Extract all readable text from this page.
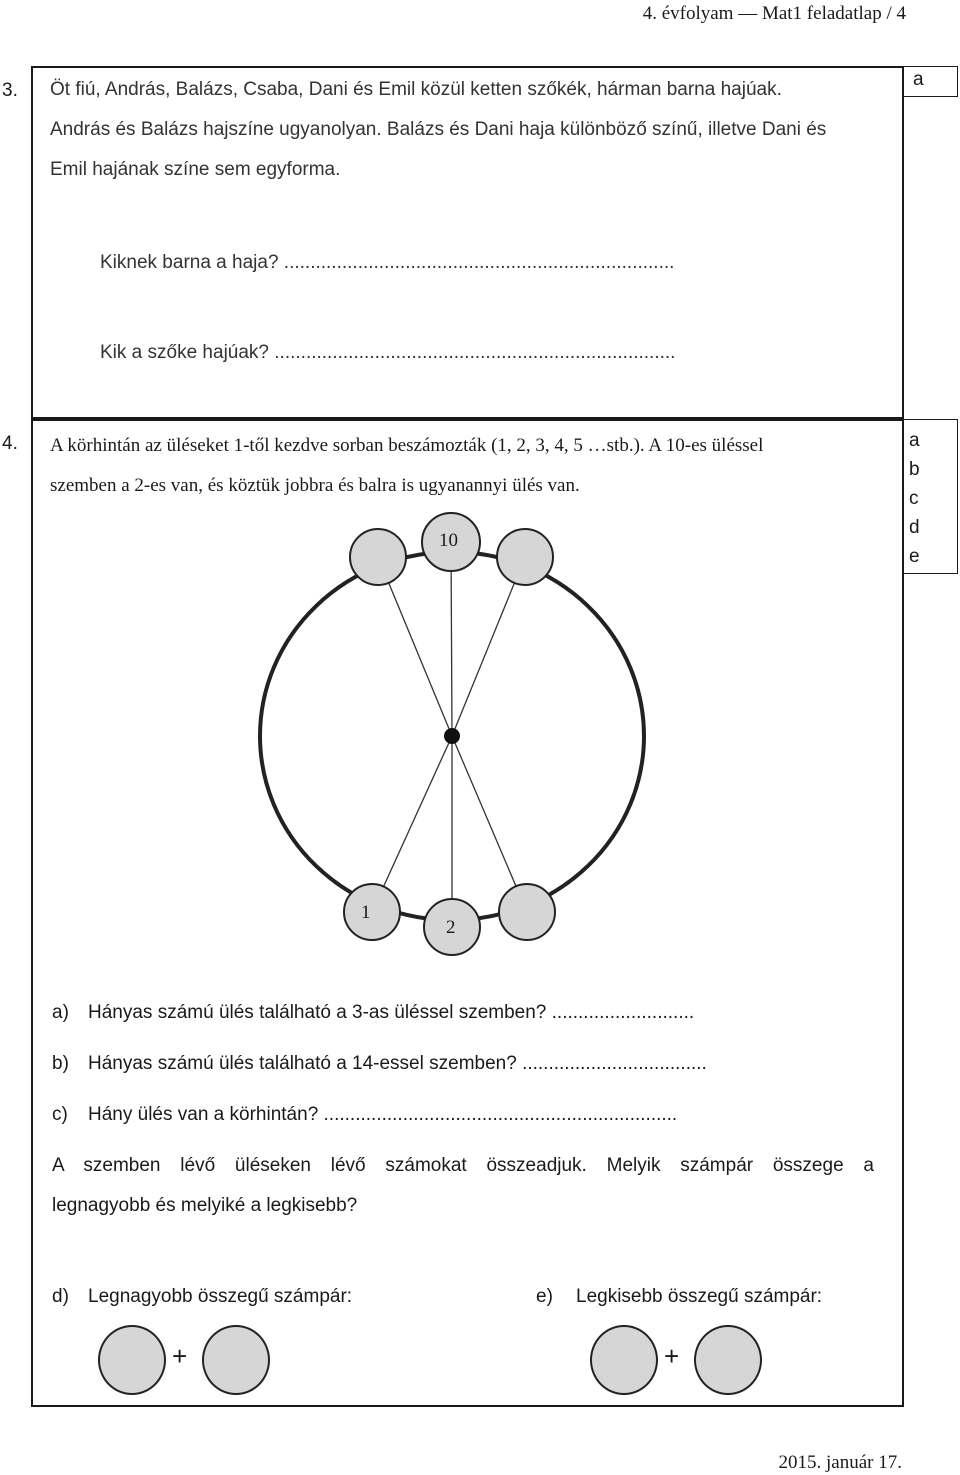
4. évfolyam — Mat1 feladatlap / 4
3. Öt fiú, András, Balázs, Csaba, Dani és Emil közül ketten szőkék, hárman barna hajúak.
András és Balázs hajszíne ugyanolyan. Balázs és Dani haja különböző színű, illetve Dani és
Emil hajának színe sem egyforma.
Kiknek barna a haja? ..........................................................................
Kik a szőke hajúak? ............................................................................
a
4. A körhintán az üléseket 1-től kezdve sorban beszámozták (1, 2, 3, 4, 5 …stb.). A 10-es üléssel
szemben a 2-es van, és köztük jobbra és balra is ugyanannyi ülés van.
a
b
c
d
e
10
1
2
a) Hányas számú ülés található a 3-as üléssel szemben? ...........................
b) Hányas számú ülés található a 14-essel szemben? ...................................
c) Hány ülés van a körhintán? ...................................................................
A szemben lévő üléseken lévő számokat összeadjuk. Melyik számpár összege a
legnagyobb és melyiké a legkisebb?
d) Legnagyobb összegű számpár:	e) Legkisebb összegű számpár:
+	+
2015. január 17.
